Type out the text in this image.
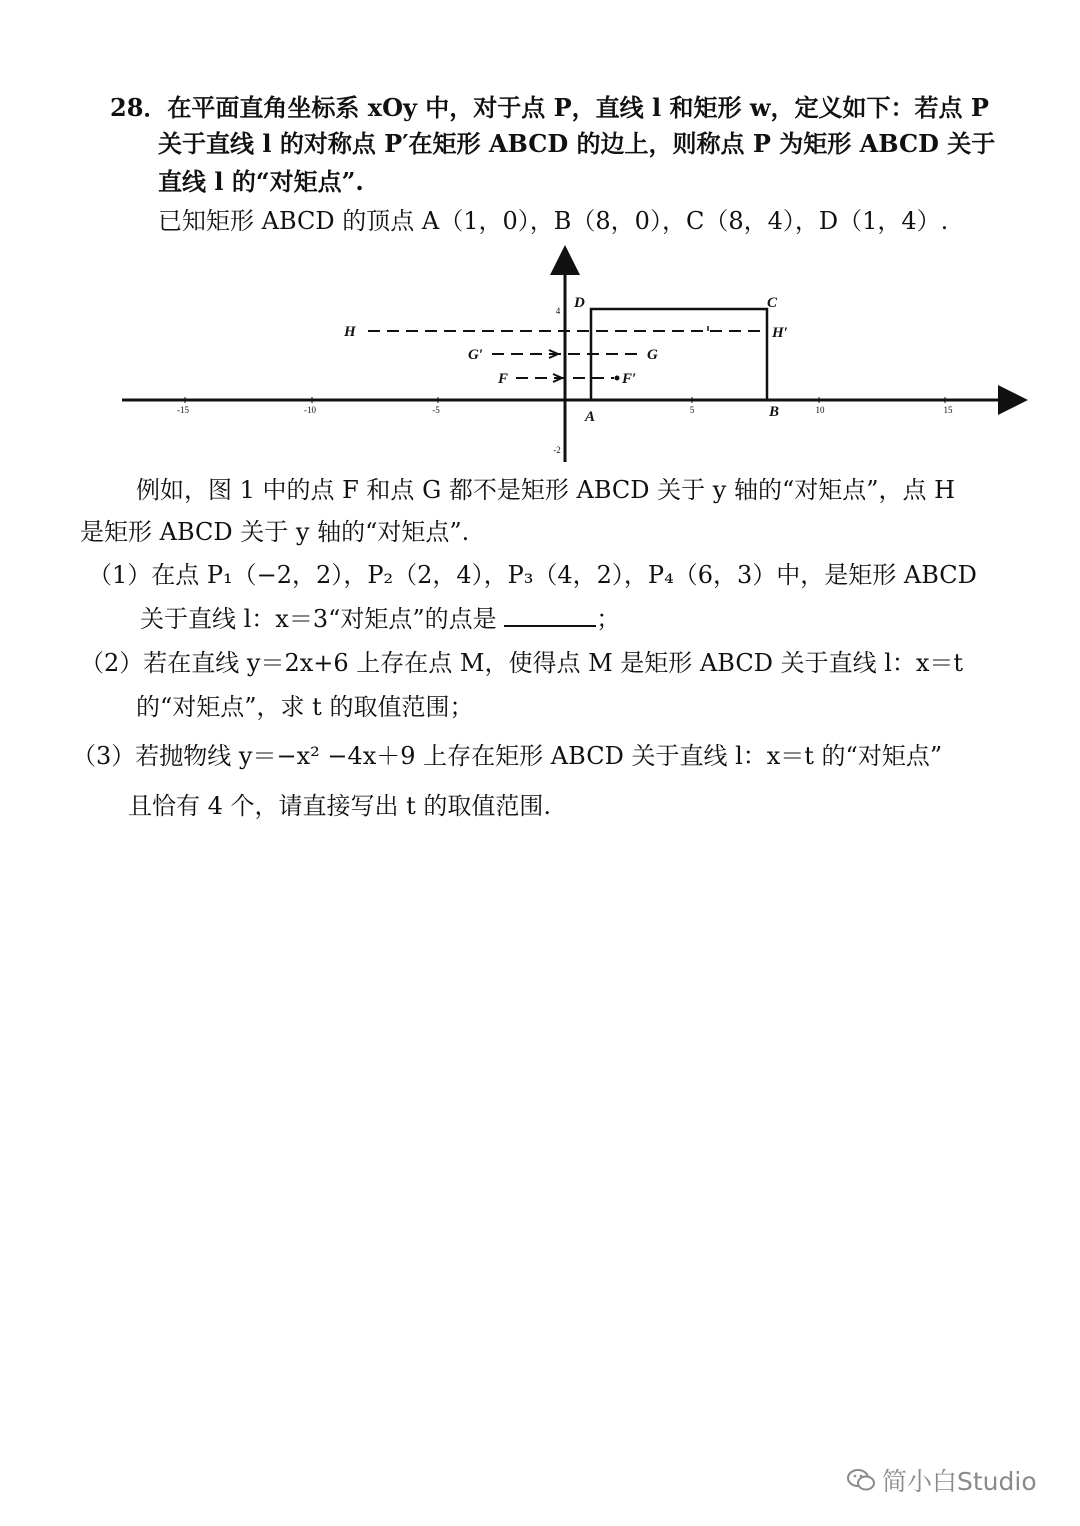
28．在平面直角坐标系 xOy 中，对于点 P，直线 l 和矩形 w，定义如下：若点 P
关于直线 l 的对称点 P′在矩形 ABCD 的边上，则称点 P 为矩形 ABCD 关于
直线 l 的“对矩点”.
已知矩形 ABCD 的顶点 A（1，0），B（8，0），C（8，4），D（1，4）.
-15	-10	-5	5	10	15
4
-2
A	B
C
D
H	H′
G′	G
F	F′
例如，图 1 中的点 F 和点 G 都不是矩形 ABCD 关于 y 轴的“对矩点”，点 H
是矩形 ABCD 关于 y 轴的“对矩点”.
（1）在点 P₁（−2，2），P₂（2，4），P₃（4，2），P₄（6，3）中，是矩形 ABCD
关于直线 l：x＝3“对矩点”的点是	；
（2）若在直线 y＝2x+6 上存在点 M，使得点 M 是矩形 ABCD 关于直线 l：x＝t
的“对矩点”，求 t 的取值范围；
（3）若抛物线 y＝−x² −4x＋9 上存在矩形 ABCD 关于直线 l：x＝t 的“对矩点”
且恰有 4 个，请直接写出 t 的取值范围.
简小白Studio
